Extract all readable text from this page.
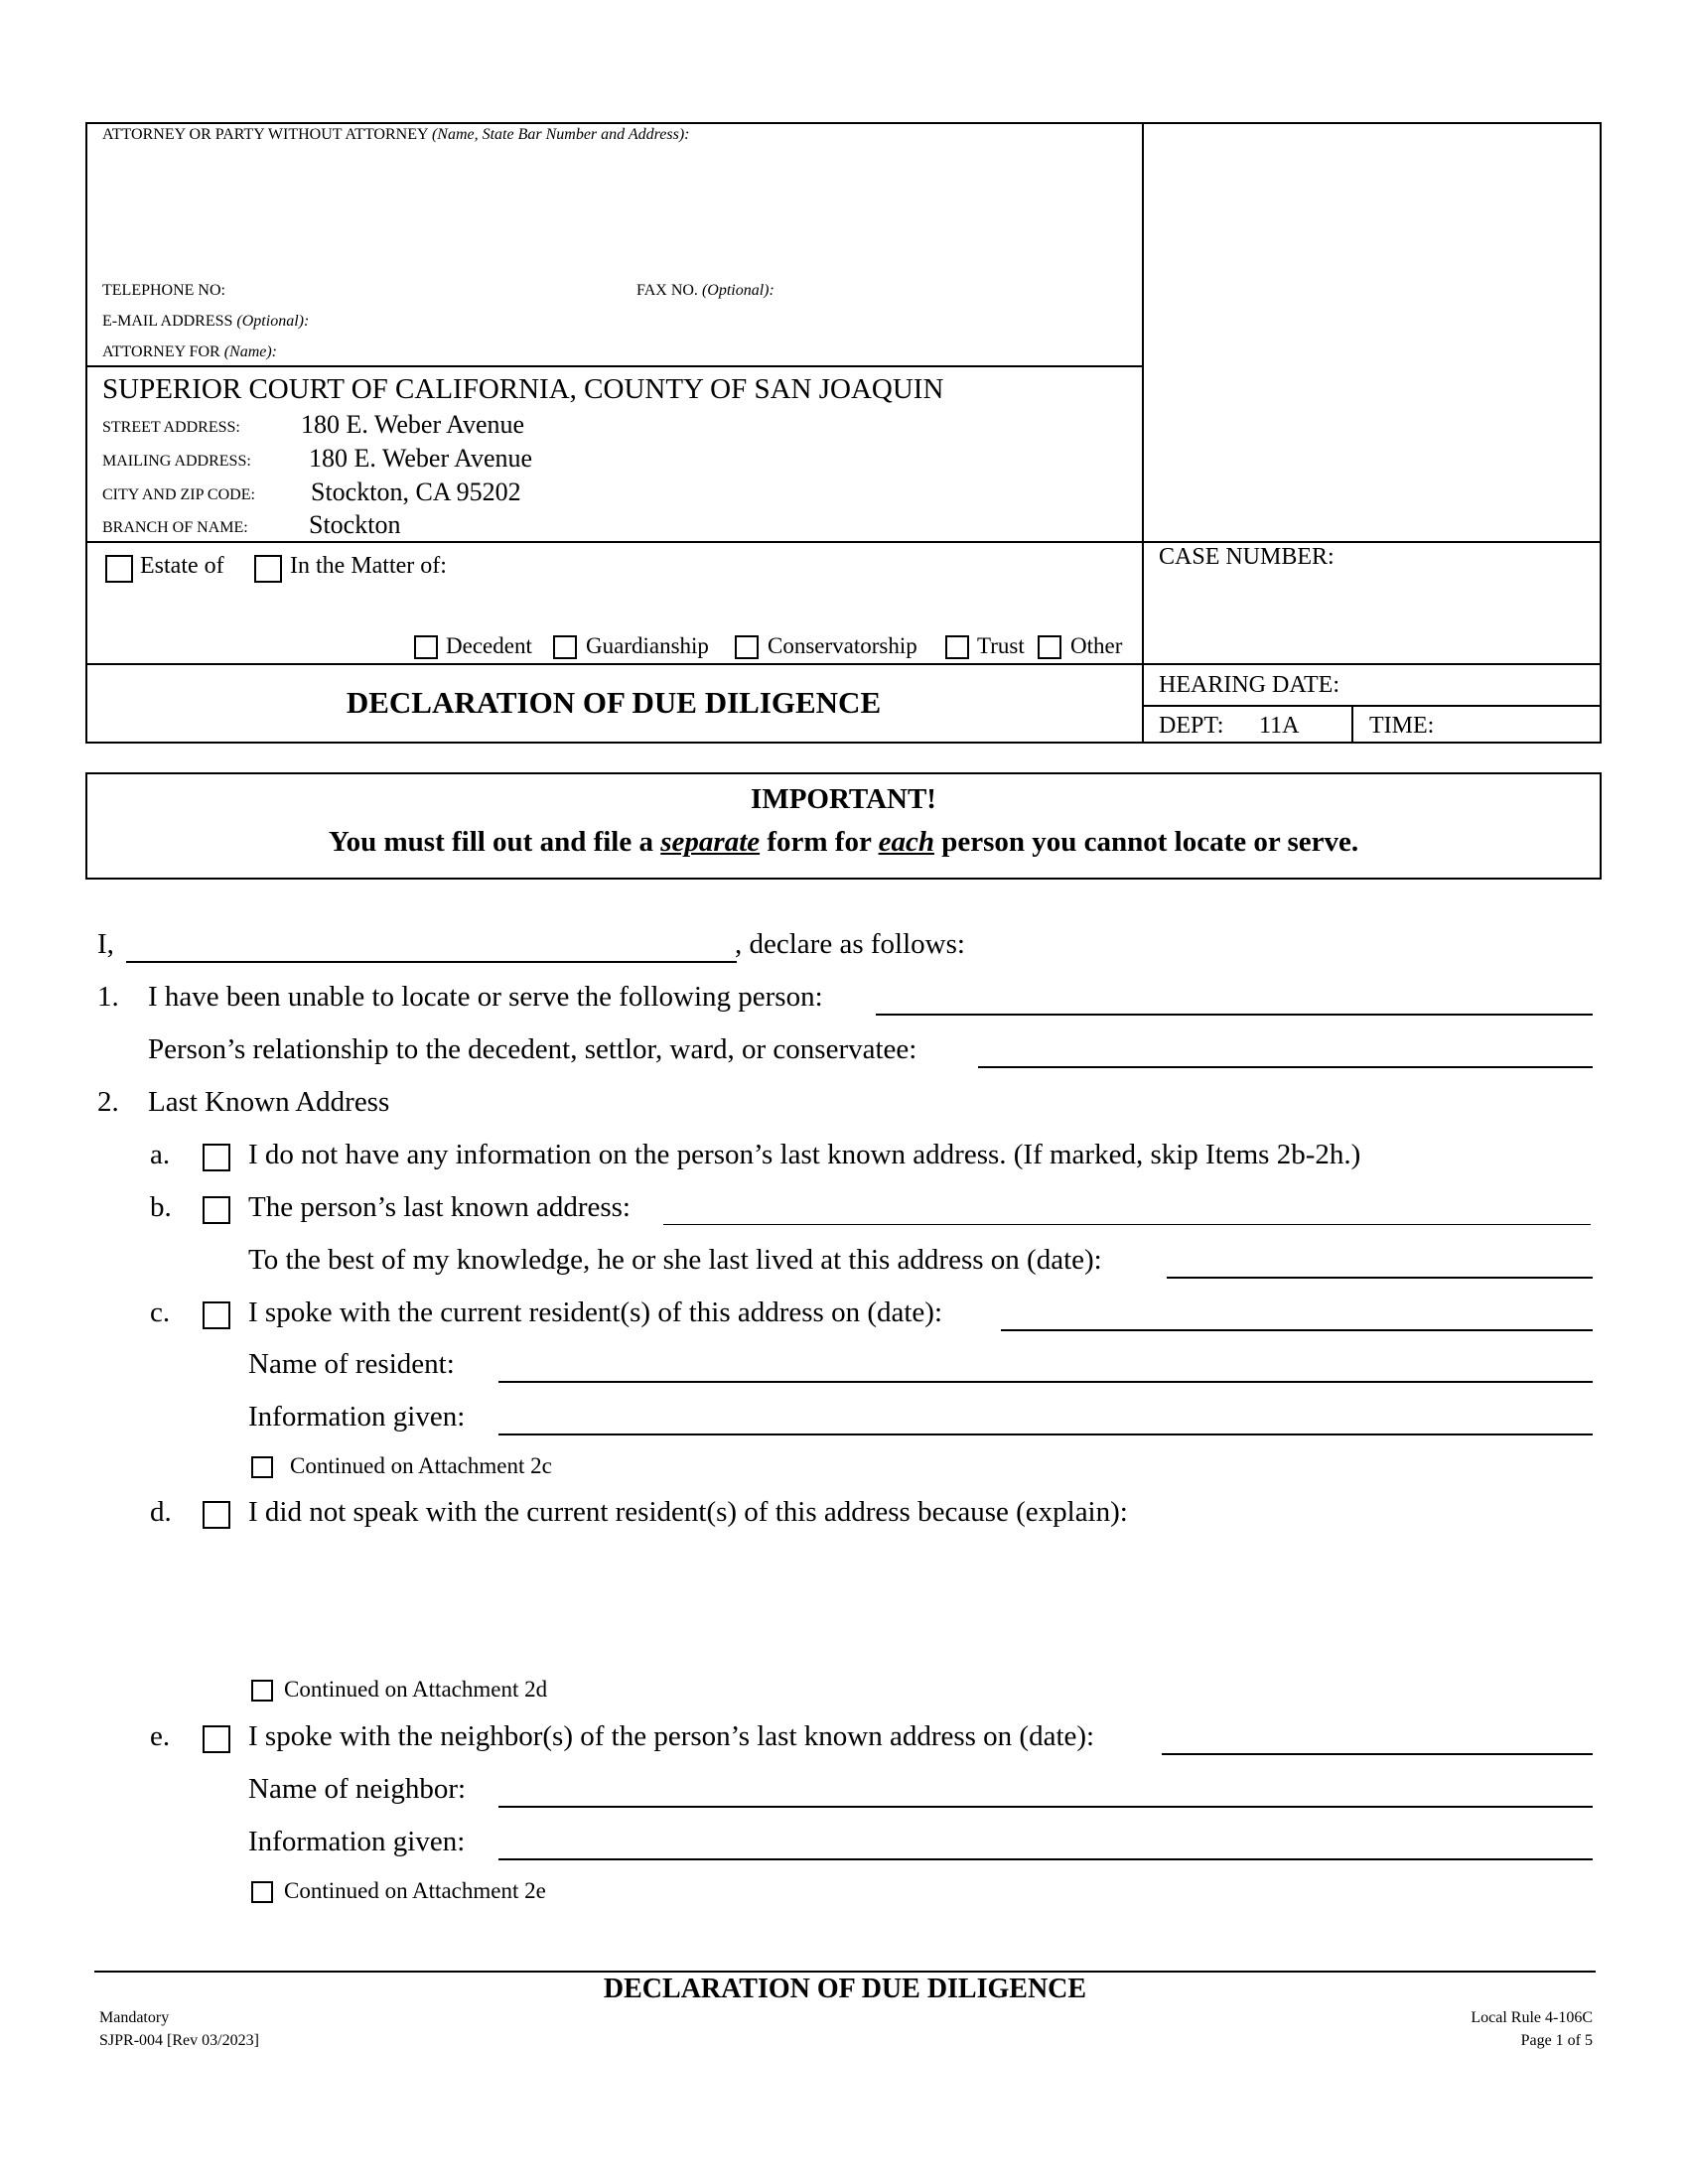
ATTORNEY OR PARTY WITHOUT ATTORNEY (Name, State Bar Number and Address):
TELEPHONE NO:	FAX NO. (Optional):
E-MAIL ADDRESS (Optional):
ATTORNEY FOR (Name):
SUPERIOR COURT OF CALIFORNIA, COUNTY OF SAN JOAQUIN
STREET ADDRESS: 180 E. Weber Avenue
MAILING ADDRESS: 180 E. Weber Avenue
CITY AND ZIP CODE: Stockton, CA 95202
BRANCH OF NAME: Stockton
Estate of	In the Matter of:
Decedent Guardianship	Conservatorship	Trust Other
CASE NUMBER:
HEARING DATE:
DEPT: 11A	TIME:
DECLARATION OF DUE DILIGENCE
IMPORTANT!
You must fill out and file a separate form for each person you cannot locate or serve.
I,	, declare as follows:
1. I have been unable to locate or serve the following person:
Person’s relationship to the decedent, settlor, ward, or conservatee:
2. Last Known Address
a.	I do not have any information on the person’s last known address. (If marked, skip Items 2b-2h.)
b.	The person’s last known address:
To the best of my knowledge, he or she last lived at this address on (date):
c.	I spoke with the current resident(s) of this address on (date):
Name of resident:
Information given:
Continued on Attachment 2c
d.	I did not speak with the current resident(s) of this address because (explain):
Continued on Attachment 2d
e.	I spoke with the neighbor(s) of the person’s last known address on (date):
Name of neighbor:
Information given:
Continued on Attachment 2e
DECLARATION OF DUE DILIGENCE
Mandatory
SJPR-004 [Rev 03/2023]
Local Rule 4-106C
Page 1 of 5
